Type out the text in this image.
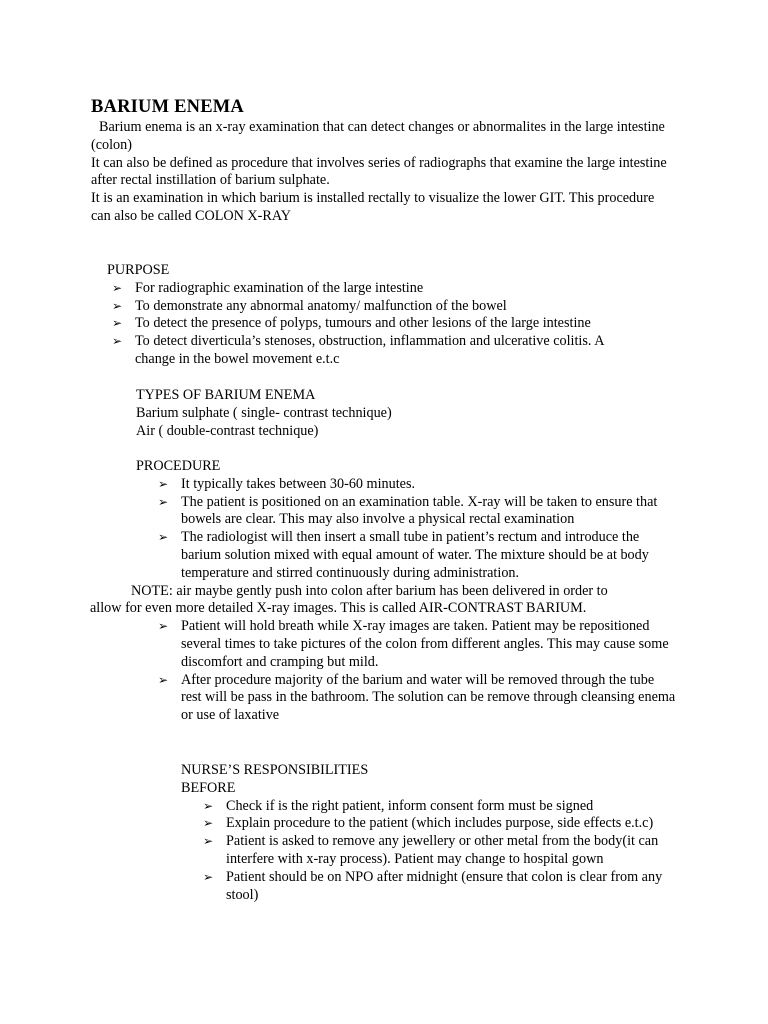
BARIUM ENEMA

Barium enema is an x-ray examination that can detect changes or abnormalites in the large intestine (colon)

It can also be defined as procedure that involves series of radiographs that examine the large intestine after rectal instillation of barium sulphate.

It is an examination in which barium is installed rectally to visualize the lower GIT. This procedure can also be called COLON X-RAY

PURPOSE

➢ For radiographic examination of the large intestine
➢ To demonstrate any abnormal anatomy/ malfunction of the bowel
➢ To detect the presence of polyps, tumours and other lesions of the large intestine
➢ To detect diverticula’s stenoses, obstruction, inflammation and ulcerative colitis. A change in the bowel movement e.t.c

TYPES OF BARIUM ENEMA

Barium sulphate ( single- contrast technique)

Air ( double-contrast technique)

PROCEDURE

➢ It typically takes between 30-60 minutes.
➢ The patient is positioned on an examination table. X-ray will be taken to ensure that bowels are clear. This may also involve a physical rectal examination
➢ The radiologist will then insert a small tube in patient’s rectum and introduce the barium solution mixed with equal amount of water. The mixture should be at body temperature and stirred continuously during administration.

NOTE: air maybe gently push into colon after barium has been delivered in order to
allow for even more detailed X-ray images. This is called AIR-CONTRAST BARIUM.

➢ Patient will hold breath while X-ray images are taken. Patient may be repositioned several times to take pictures of the colon from different angles. This may cause some discomfort and cramping but mild.
➢ After procedure majority of the barium and water will be removed through the tube rest will be pass in the bathroom. The solution can be remove through cleansing enema or use of laxative

NURSE’S RESPONSIBILITIES

BEFORE

➢ Check if is the right patient, inform consent form must be signed
➢ Explain procedure to the patient (which includes purpose, side effects e.t.c)
➢ Patient is asked to remove any jewellery or other metal from the body(it can interfere with x-ray process). Patient may change to hospital gown
➢ Patient should be on NPO after midnight (ensure that colon is clear from any stool)
